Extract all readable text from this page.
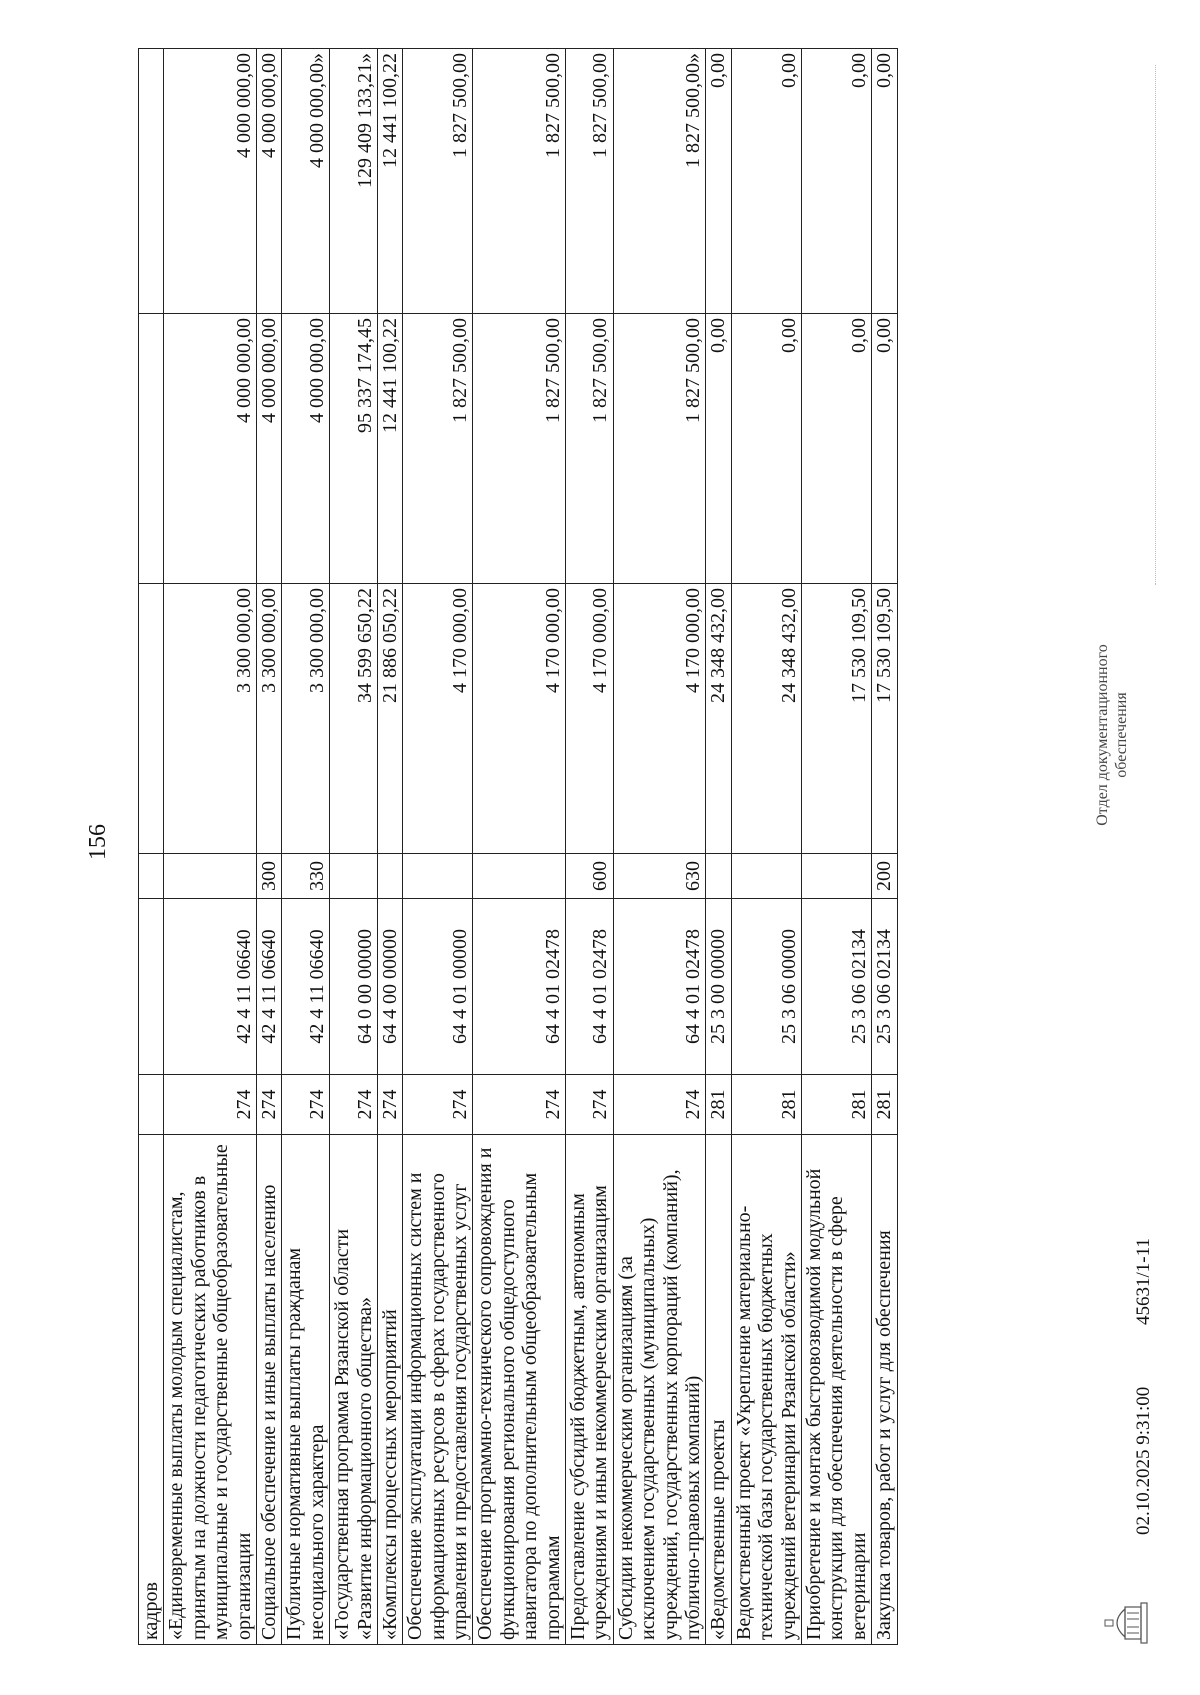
156
кадров						
«Единовременные выплаты молодым специалистам, принятым на должности педагогических работников в муниципальные и государственные общеобразовательные организации	274	42 4 11 06640		3 300 000,00	4 000 000,00	4 000 000,00
Социальное обеспечение и иные выплаты населению	274	42 4 11 06640	300	3 300 000,00	4 000 000,00	4 000 000,00
Публичные нормативные выплаты гражданам несоциального характера	274	42 4 11 06640	330	3 300 000,00	4 000 000,00	4 000 000,00»
«Государственная программа Рязанской области «Развитие информационного общества»	274	64 0 00 00000		34 599 650,22	95 337 174,45	129 409 133,21»
«Комплексы процессных мероприятий	274	64 4 00 00000		21 886 050,22	12 441 100,22	12 441 100,22
Обеспечение эксплуатации информационных систем и информационных ресурсов в сферах государственного управления и предоставления государственных услуг	274	64 4 01 00000		4 170 000,00	1 827 500,00	1 827 500,00
Обеспечение программно-технического сопровождения и функционирования регионального общедоступного навигатора по дополнительным общеобразовательным программам	274	64 4 01 02478		4 170 000,00	1 827 500,00	1 827 500,00
Предоставление субсидий бюджетным, автономным учреждениям и иным некоммерческим организациям	274	64 4 01 02478	600	4 170 000,00	1 827 500,00	1 827 500,00
Субсидии некоммерческим организациям (за исключением государственных (муниципальных) учреждений, государственных корпораций (компаний), публично-правовых компаний)	274	64 4 01 02478	630	4 170 000,00	1 827 500,00	1 827 500,00»
«Ведомственные проекты	281	25 3 00 00000		24 348 432,00	0,00	0,00
Ведомственный проект «Укрепление материально-технической базы государственных бюджетных учреждений ветеринарии Рязанской области»	281	25 3 06 00000		24 348 432,00	0,00	0,00
Приобретение и монтаж быстровозводимой модульной конструкции для обеспечения деятельности в сфере ветеринарии	281	25 3 06 02134		17 530 109,50	0,00	0,00
Закупка товаров, работ и услуг для обеспечения	281	25 3 06 02134	200	17 530 109,50	0,00	0,00
02.10.2025 9:31:00
45631/1-11
Отдел документационного обеспечения
